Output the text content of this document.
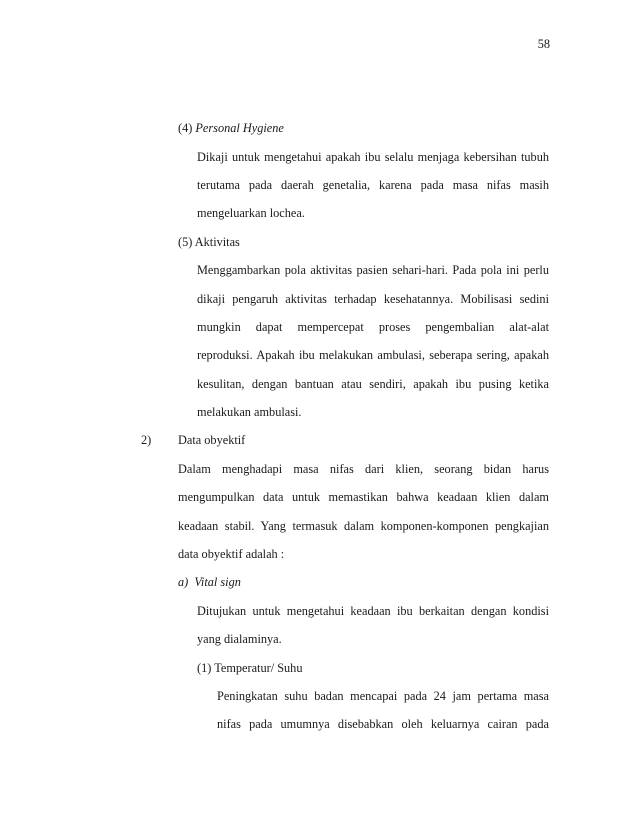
58

(4) Personal Hygiene

Dikaji untuk mengetahui apakah ibu selalu menjaga kebersihan tubuh

terutama pada daerah genetalia, karena pada masa nifas masih

mengeluarkan lochea.

(5) Aktivitas

Menggambarkan pola aktivitas pasien sehari-hari. Pada pola ini perlu

dikaji pengaruh aktivitas terhadap kesehatannya. Mobilisasi sedini

mungkin dapat mempercepat proses pengembalian alat-alat

reproduksi. Apakah ibu melakukan ambulasi, seberapa sering, apakah

kesulitan, dengan bantuan atau sendiri, apakah ibu pusing ketika

melakukan ambulasi.

2) Data obyektif

Dalam menghadapi masa nifas dari klien, seorang bidan harus

mengumpulkan data untuk memastikan bahwa keadaan klien dalam

keadaan stabil. Yang termasuk dalam komponen-komponen pengkajian

data obyektif adalah :

a) Vital sign

Ditujukan untuk mengetahui keadaan ibu berkaitan dengan kondisi

yang dialaminya.

(1) Temperatur/ Suhu

Peningkatan suhu badan mencapai pada 24 jam pertama masa

nifas pada umumnya disebabkan oleh keluarnya cairan pada
